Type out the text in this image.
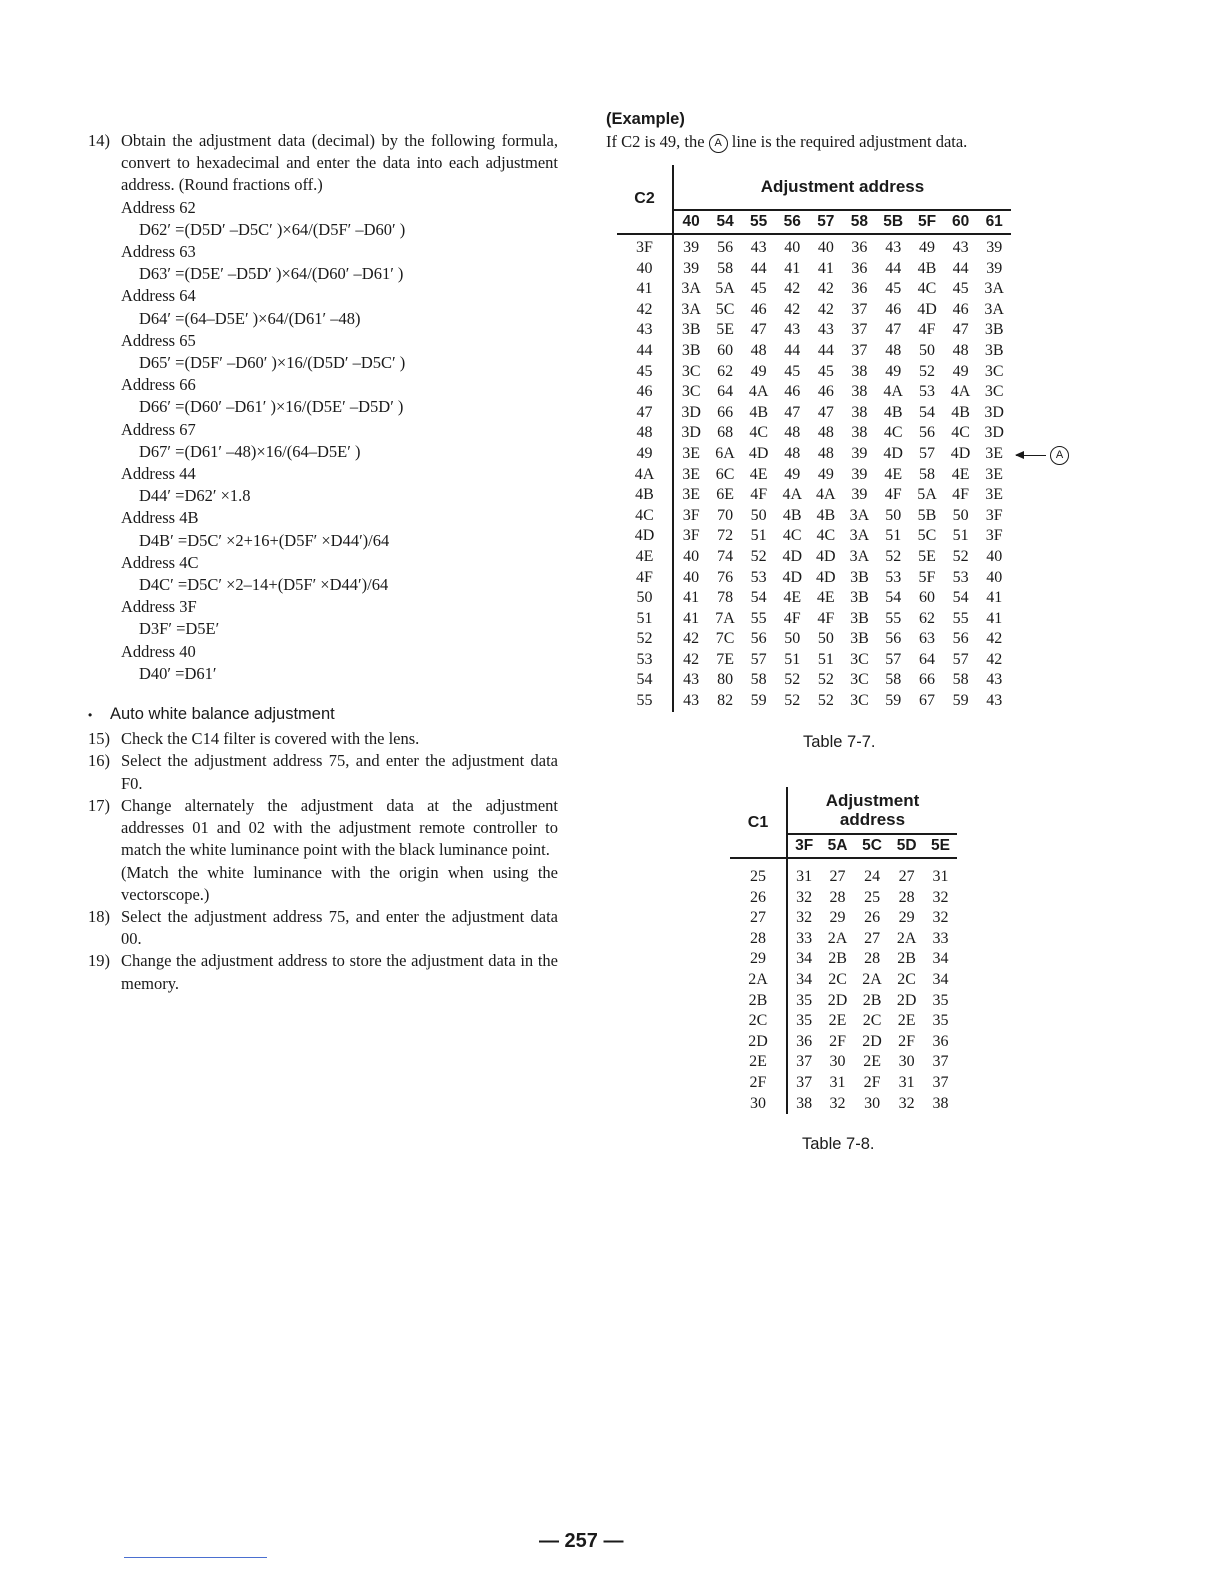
14) Obtain the adjustment data (decimal) by the following formula, convert to hexadecimal and enter the data into each adjustment address. (Round fractions off.)
Address 62
D62′ =(D5D′ –D5C′ )×64/(D5F′ –D60′ )
Address 63
D63′ =(D5E′ –D5D′ )×64/(D60′ –D61′ )
Address 64
D64′ =(64–D5E′ )×64/(D61′ –48)
Address 65
D65′ =(D5F′ –D60′ )×16/(D5D′ –D5C′ )
Address 66
D66′ =(D60′ –D61′ )×16/(D5E′ –D5D′ )
Address 67
D67′ =(D61′ –48)×16/(64–D5E′ )
Address 44
D44′ =D62′ ×1.8
Address 4B
D4B′ =D5C′ ×2+16+(D5F′ ×D44′)/64
Address 4C
D4C′ =D5C′ ×2–14+(D5F′ ×D44′)/64
Address 3F
D3F′ =D5E′
Address 40
D40′ =D61′
• Auto white balance adjustment
15) Check the C14 filter is covered with the lens.
16) Select the adjustment address 75, and enter the adjustment data F0.
17) Change alternately the adjustment data at the adjustment addresses 01 and 02 with the adjustment remote controller to match the white luminance point with the black luminance point.
(Match the white luminance with the origin when using the vectorscope.)
18) Select the adjustment address 75, and enter the adjustment data 00.
19) Change the adjustment address to store the adjustment data in the memory.
(Example)
If C2 is 49, the A line is the required adjustment data.
C2	Adjustment address									
	40	54	55	56	57	58	5B	5F	60	61
3F	39	56	43	40	40	36	43	49	43	39
40	39	58	44	41	41	36	44	4B	44	39
41	3A	5A	45	42	42	36	45	4C	45	3A
42	3A	5C	46	42	42	37	46	4D	46	3A
43	3B	5E	47	43	43	37	47	4F	47	3B
44	3B	60	48	44	44	37	48	50	48	3B
45	3C	62	49	45	45	38	49	52	49	3C
46	3C	64	4A	46	46	38	4A	53	4A	3C
47	3D	66	4B	47	47	38	4B	54	4B	3D
48	3D	68	4C	48	48	38	4C	56	4C	3D
49	3E	6A	4D	48	48	39	4D	57	4D	3E
4A	3E	6C	4E	49	49	39	4E	58	4E	3E
4B	3E	6E	4F	4A	4A	39	4F	5A	4F	3E
4C	3F	70	50	4B	4B	3A	50	5B	50	3F
4D	3F	72	51	4C	4C	3A	51	5C	51	3F
4E	40	74	52	4D	4D	3A	52	5E	52	40
4F	40	76	53	4D	4D	3B	53	5F	53	40
50	41	78	54	4E	4E	3B	54	60	54	41
51	41	7A	55	4F	4F	3B	55	62	55	41
52	42	7C	56	50	50	3B	56	63	56	42
53	42	7E	57	51	51	3C	57	64	57	42
54	43	80	58	52	52	3C	58	66	58	43
55	43	82	59	52	52	3C	59	67	59	43
A
Table 7-7.
C1	Adjustment
address				
	3F	5A	5C	5D	5E
25	31	27	24	27	31
26	32	28	25	28	32
27	32	29	26	29	32
28	33	2A	27	2A	33
29	34	2B	28	2B	34
2A	34	2C	2A	2C	34
2B	35	2D	2B	2D	35
2C	35	2E	2C	2E	35
2D	36	2F	2D	2F	36
2E	37	30	2E	30	37
2F	37	31	2F	31	37
30	38	32	30	32	38
Table 7-8.
— 257 —
